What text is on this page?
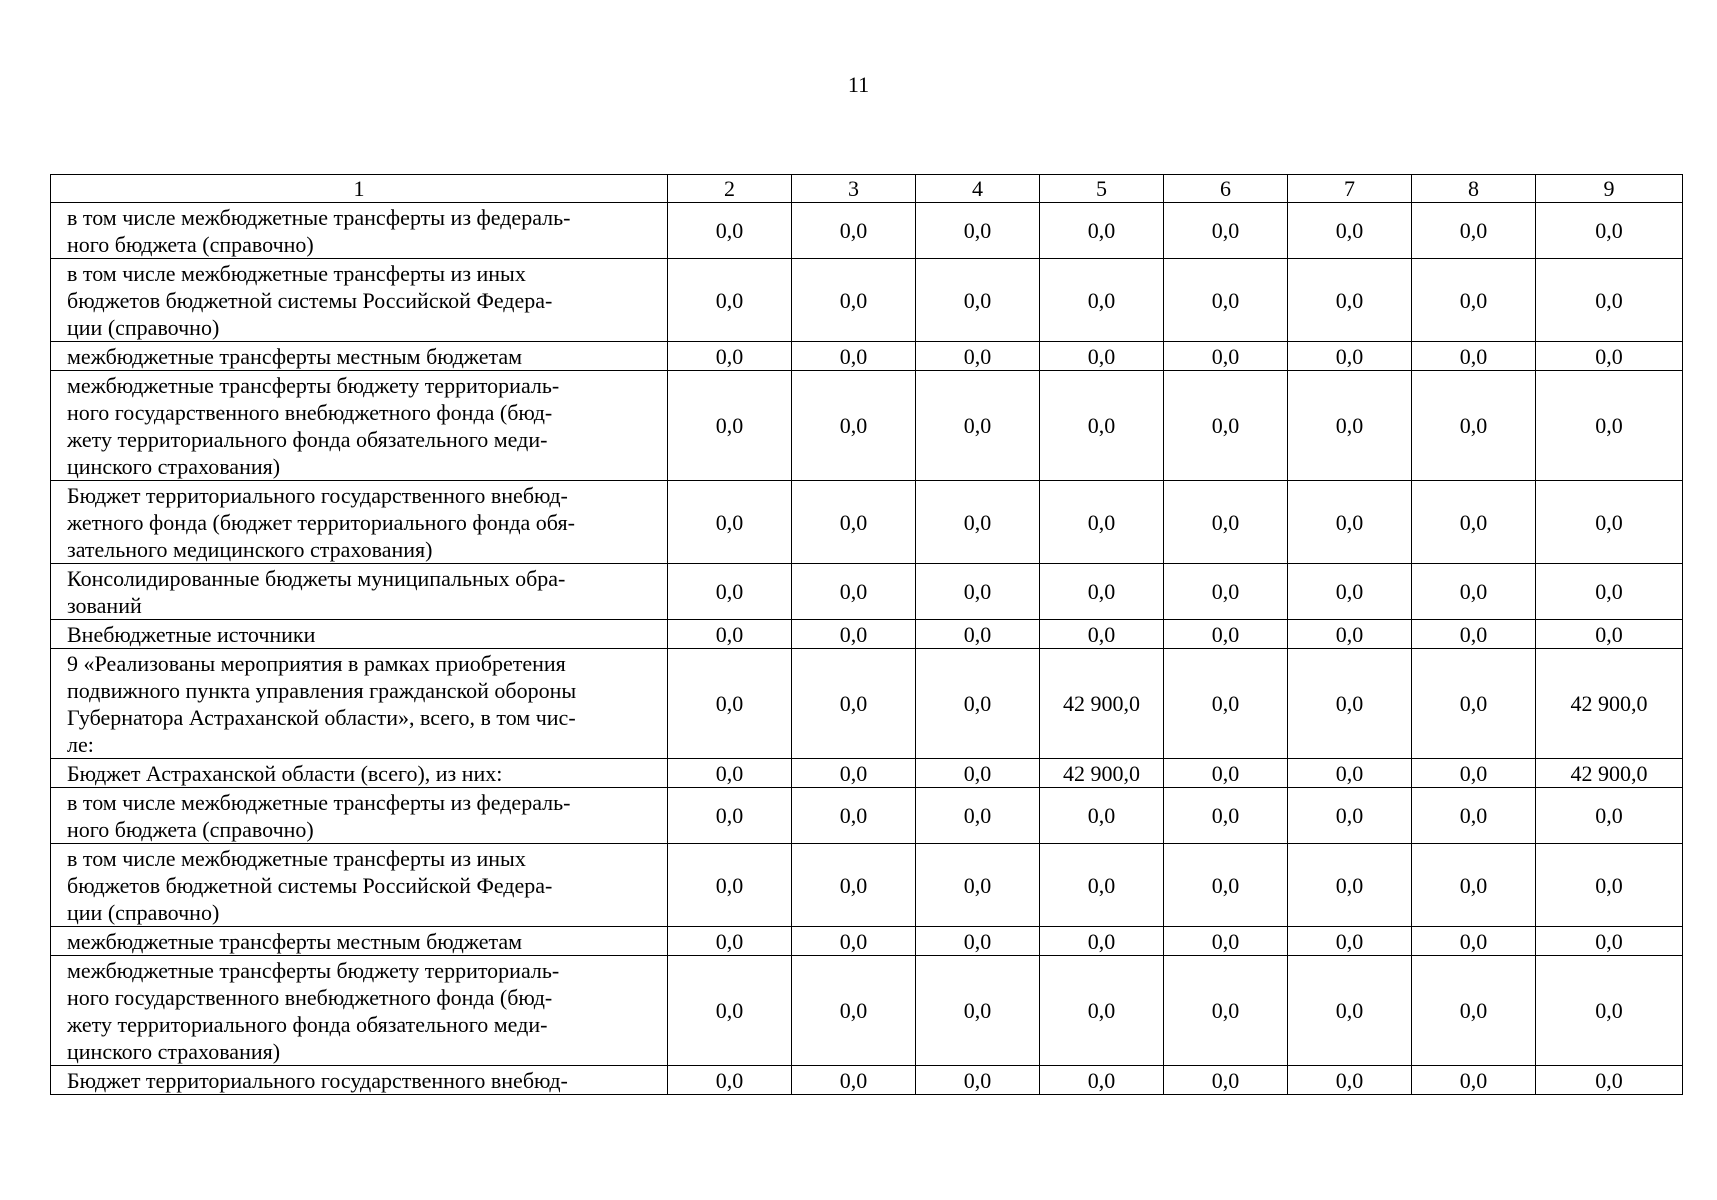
11
1	2	3	4	5	6	7	8	9

в том числе межбюджетные трансферты из федераль-
ного бюджета (справочно)	0,0	0,0	0,0	0,0	0,0	0,0	0,0	0,0

в том числе межбюджетные трансферты из иных
бюджетов бюджетной системы Российской Федера-
ции (справочно)	0,0	0,0	0,0	0,0	0,0	0,0	0,0	0,0

межбюджетные трансферты местным бюджетам	0,0	0,0	0,0	0,0	0,0	0,0	0,0	0,0

межбюджетные трансферты бюджету территориаль-
ного государственного внебюджетного фонда (бюд-
жету территориального фонда обязательного меди-
цинского страхования)	0,0	0,0	0,0	0,0	0,0	0,0	0,0	0,0

Бюджет территориального государственного внебюд-
жетного фонда (бюджет территориального фонда обя-
зательного медицинского страхования)	0,0	0,0	0,0	0,0	0,0	0,0	0,0	0,0

Консолидированные бюджеты муниципальных обра-
зований	0,0	0,0	0,0	0,0	0,0	0,0	0,0	0,0

Внебюджетные источники	0,0	0,0	0,0	0,0	0,0	0,0	0,0	0,0

9 «Реализованы мероприятия в рамках приобретения
подвижного пункта управления гражданской обороны
Губернатора Астраханской области», всего, в том чис-
ле:	0,0	0,0	0,0	42 900,0	0,0	0,0	0,0	42 900,0

Бюджет Астраханской области (всего), из них:	0,0	0,0	0,0	42 900,0	0,0	0,0	0,0	42 900,0

в том числе межбюджетные трансферты из федераль-
ного бюджета (справочно)	0,0	0,0	0,0	0,0	0,0	0,0	0,0	0,0

в том числе межбюджетные трансферты из иных
бюджетов бюджетной системы Российской Федера-
ции (справочно)	0,0	0,0	0,0	0,0	0,0	0,0	0,0	0,0

межбюджетные трансферты местным бюджетам	0,0	0,0	0,0	0,0	0,0	0,0	0,0	0,0

межбюджетные трансферты бюджету территориаль-
ного государственного внебюджетного фонда (бюд-
жету территориального фонда обязательного меди-
цинского страхования)	0,0	0,0	0,0	0,0	0,0	0,0	0,0	0,0

Бюджет территориального государственного внебюд-	0,0	0,0	0,0	0,0	0,0	0,0	0,0	0,0
